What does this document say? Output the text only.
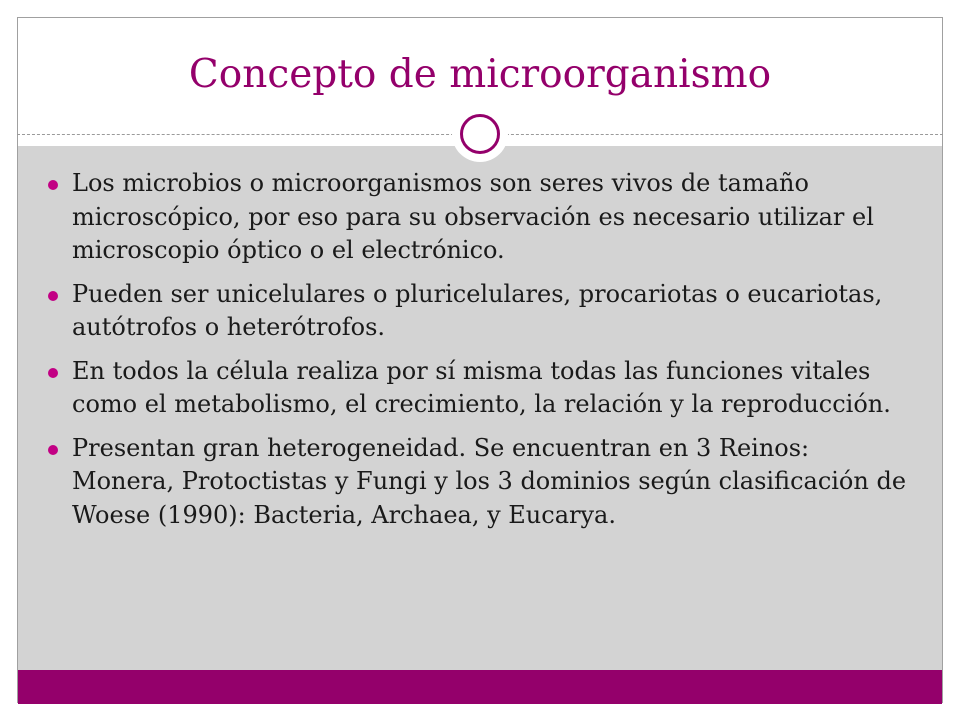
Concepto de microorganismo
Los microbios o microorganismos son seres vivos de tamaño microscópico, por eso para su observación es necesario utilizar el microscopio óptico o el electrónico.
Pueden ser unicelulares o pluricelulares, procariotas o eucariotas, autótrofos o heterótrofos.
En todos la célula realiza por sí misma todas las funciones vitales como el metabolismo, el crecimiento, la relación y la reproducción.
Presentan gran heterogeneidad. Se encuentran en 3 Reinos: Monera, Protoctistas y Fungi y los 3 dominios según clasificación de Woese (1990): Bacteria, Archaea, y Eucarya.
